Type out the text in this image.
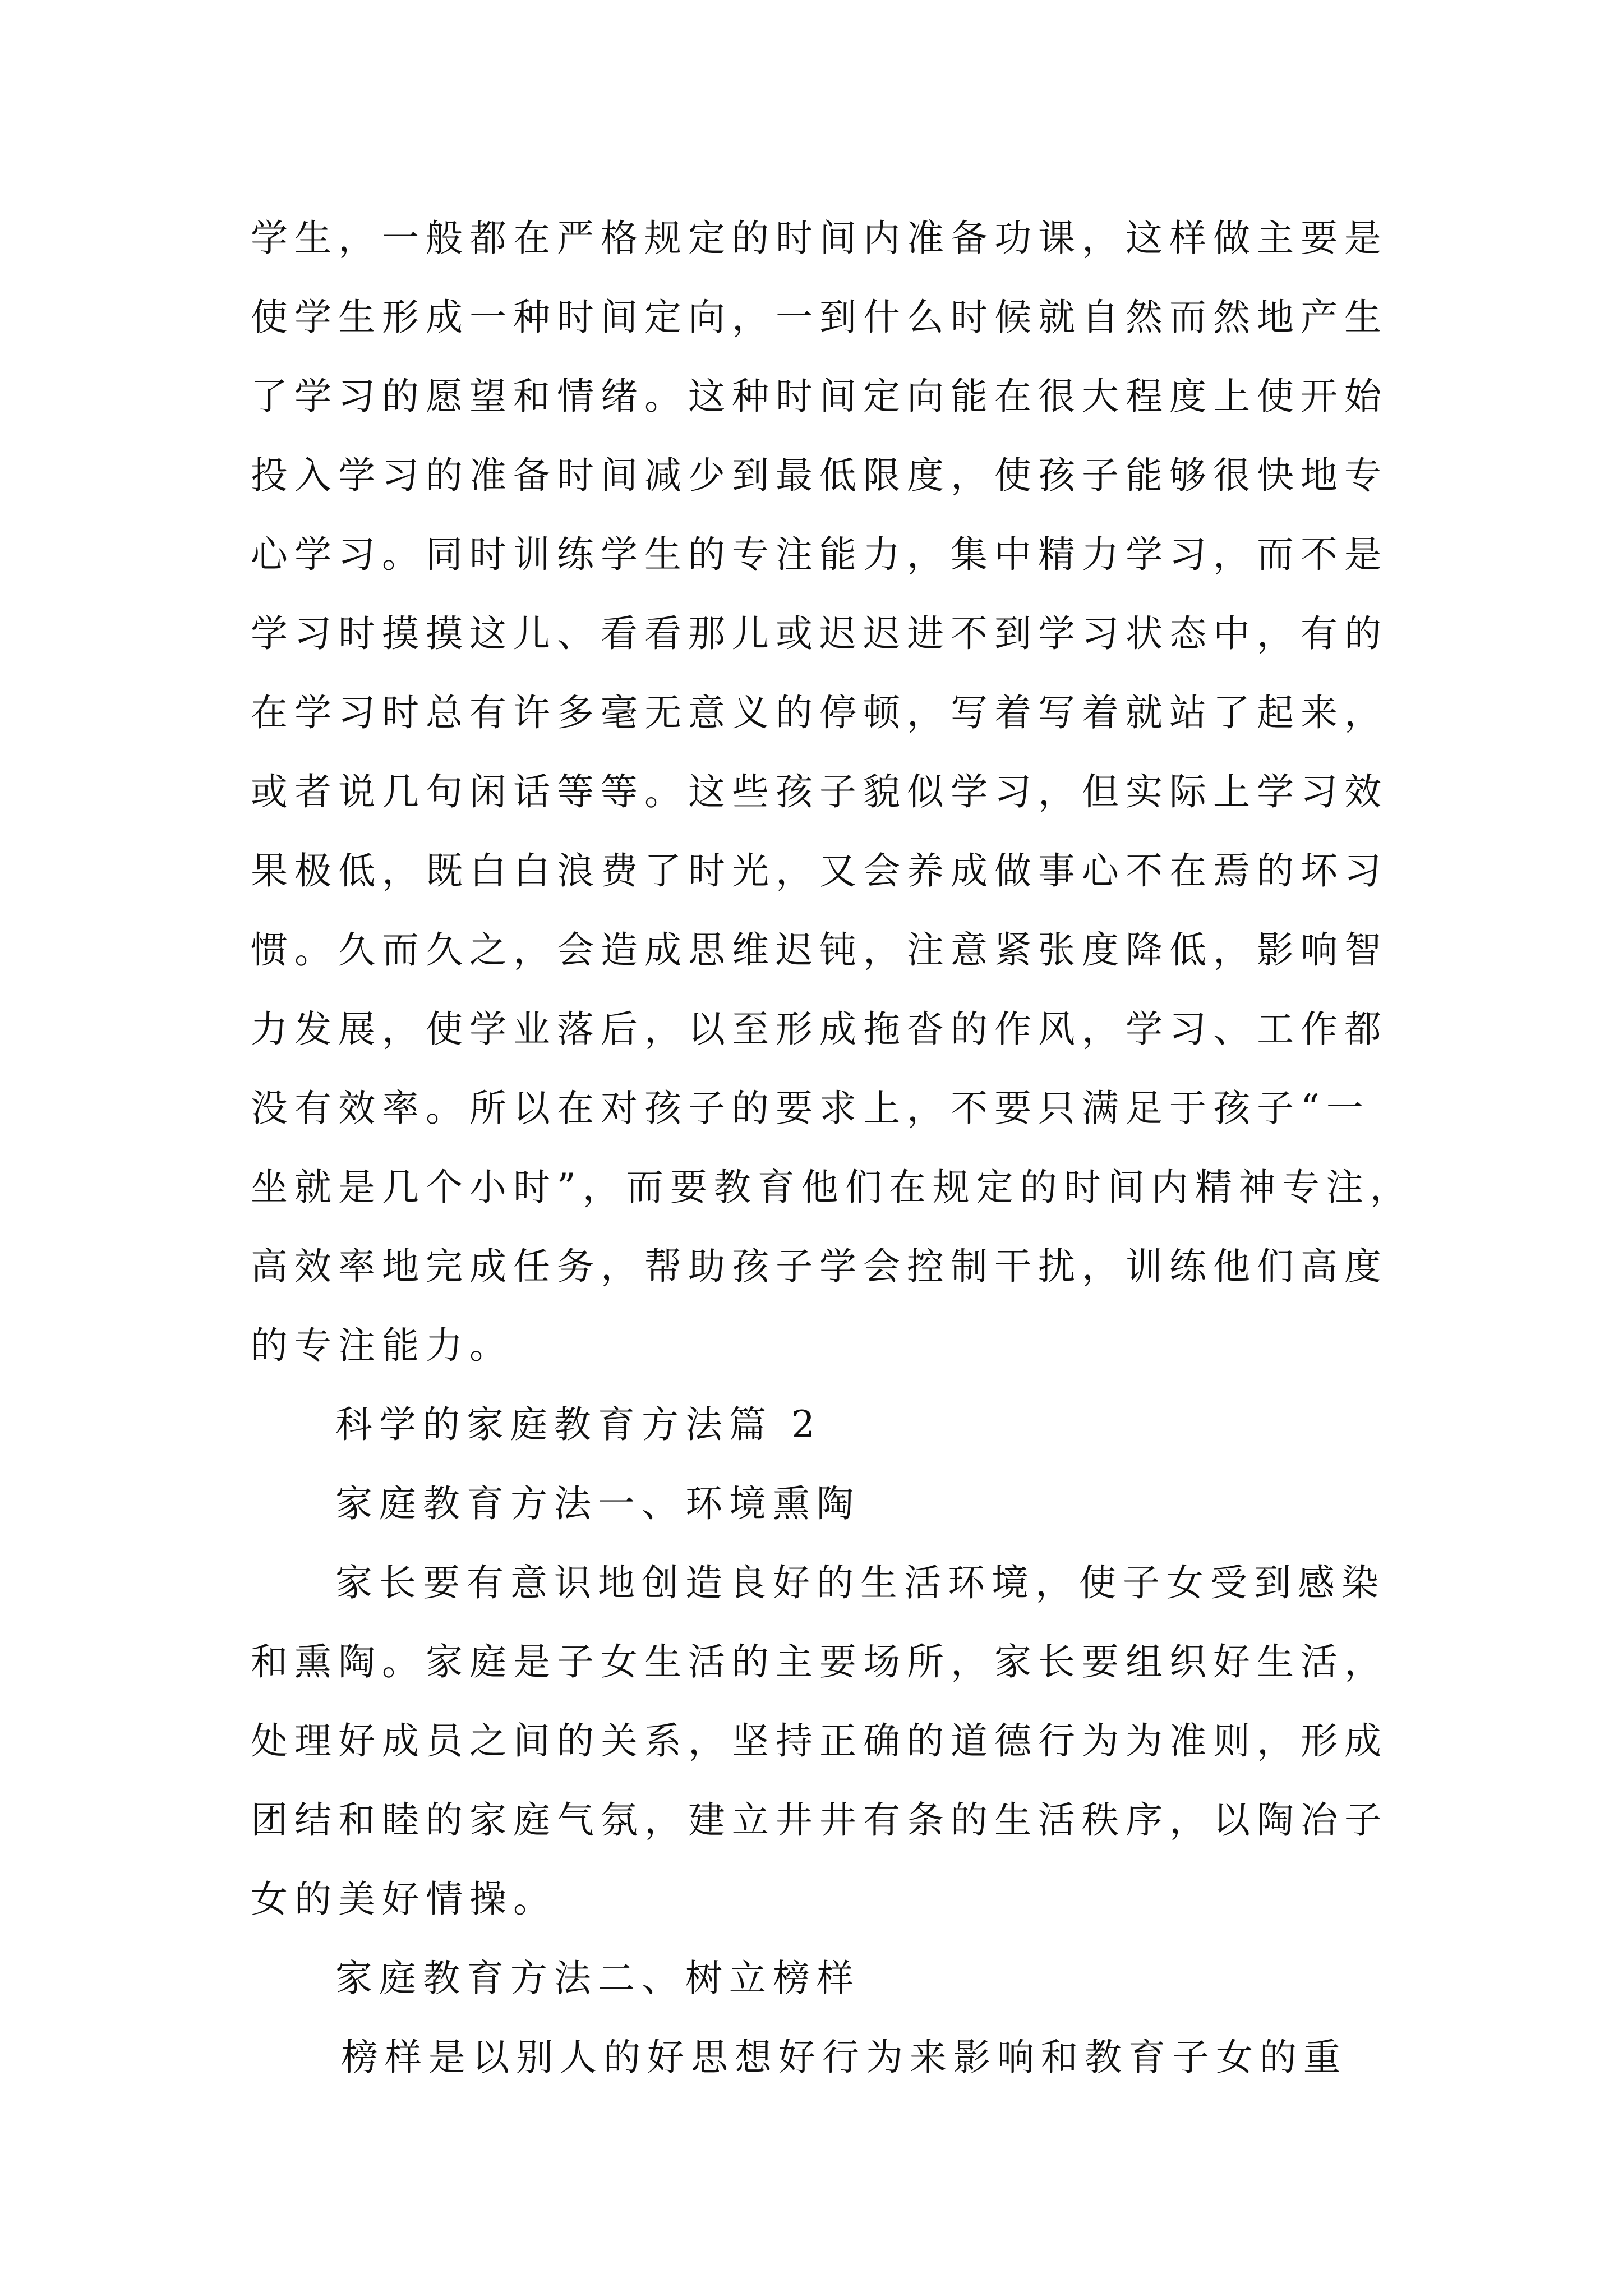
学生，一般都在严格规定的时间内准备功课，这样做主要是
使学生形成一种时间定向，一到什么时候就自然而然地产生
了学习的愿望和情绪。这种时间定向能在很大程度上使开始
投入学习的准备时间减少到最低限度，使孩子能够很快地专
心学习。同时训练学生的专注能力，集中精力学习，而不是
学习时摸摸这儿、看看那儿或迟迟进不到学习状态中，有的
在学习时总有许多毫无意义的停顿，写着写着就站了起来，
或者说几句闲话等等。这些孩子貌似学习，但实际上学习效
果极低，既白白浪费了时光，又会养成做事心不在焉的坏习
惯。久而久之，会造成思维迟钝，注意紧张度降低，影响智
力发展，使学业落后，以至形成拖沓的作风，学习、工作都
没有效率。所以在对孩子的要求上，不要只满足于孩子“一
坐就是几个小时”，而要教育他们在规定的时间内精神专注，
高效率地完成任务，帮助孩子学会控制干扰，训练他们高度
的专注能力。
科学的家庭教育方法篇 2
家庭教育方法一、环境熏陶
家长要有意识地创造良好的生活环境，使子女受到感染
和熏陶。家庭是子女生活的主要场所，家长要组织好生活，
处理好成员之间的关系，坚持正确的道德行为为准则，形成
团结和睦的家庭气氛，建立井井有条的生活秩序，以陶冶子
女的美好情操。
家庭教育方法二、树立榜样
榜样是以别人的好思想好行为来影响和教育子女的重
